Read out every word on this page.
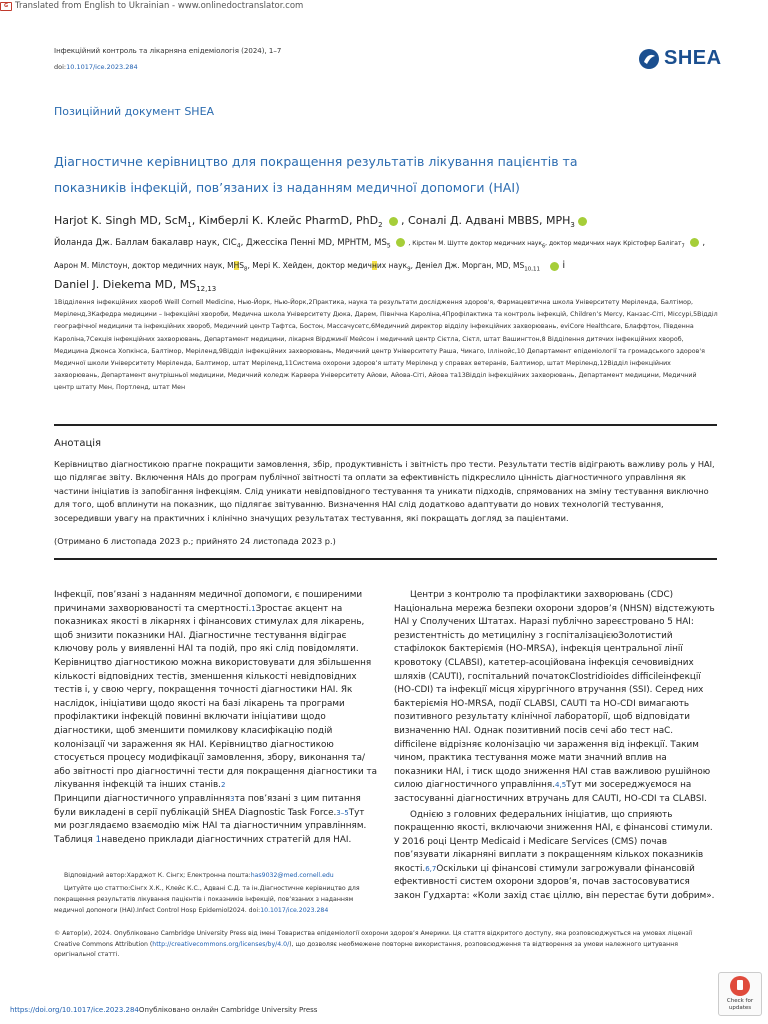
G Translated from English to Ukrainian - www.onlinedoctranslator.com
Інфекційний контроль та лікарняна епідеміологія (2024), 1–7
doi:10.1017/ice.2023.284	SHEA
Позиційний документ SHEA
Діагностичне керівництво для покращення результатів лікування пацієнтів та
показників інфекцій, пов’язаних із наданням медичної допомоги (HAI)
Harjot K. Singh MD, ScM$_1$, Кімберлі К. Клейс PharmD, PhD$_2$ , Соналі Д. Адвані MBBS, $MPH_3$
Йоланда Дж. Баллам бакалавр наук, $CIC_4$, Джессіка Пенні MD, MPHTM, $MS_5$	, Кірстен М. Шутте доктор медичних наук$_6$, доктор медичних наук Крістофер Балігат$_7$ ,
Аарон М. Мілстоун, доктор медичних наук, $МHS_8$, Мері К. Хейден, доктор медичних наук$_9$, Деніел Дж. Морган, MD, $MS_{10,11}$ і
Daniel J. Diekema MD, $MS_{12,13}$
1Відділення інфекційних хвороб Weill Cornell Medicine, Нью-Йорк, Нью-Йорк,2Практика, наука та результати дослідження здоров'я, Фармацевтична школа Університету Меріленда, Балтімор, Меріленд,3Кафедра медицини – Інфекційні хвороби, Медична школа Університету Дюка, Дарем, Північна Кароліна,4Профілактика та контроль інфекцій, Children’s Mercy, Канзас-Сіті, Міссурі,5Відділ географічної медицини та інфекційних хвороб, Медичний центр Тафтса, Бостон, Массачусетс,6Медичний директор відділу інфекційних захворювань, eviCore Healthcare, Блаффтон, Південна Кароліна,7Секція інфекційних захворювань, Департамент медицини, лікарня Вірджинії Мейсон і медичний центр Сієтла, Сієтл, штат Вашингтон,8 Відділення дитячих інфекційних хвороб, Медицина Джонса Хопкінса, Балтімор, Меріленд,9Відділ інфекційних захворювань, Медичний центр Університету Раша, Чикаго, Іллінойс,10 Департамент епідеміології та громадського здоров'я Медичної школи Університету Меріленда, Балтимор, штат Меріленд,11Система охорони здоров’я штату Меріленд у справах ветеранів, Балтимор, штат Меріленд,12Відділ інфекційних захворювань, Департамент внутрішньої медицини, Медичний коледж Карвера Університету Айови, Айова-Сіті, Айова та13Відділ інфекційних захворювань, Департамент медицини, Медичний центр штату Мен, Портленд, штат Мен
Анотація
Керівництво діагностикою прагне покращити замовлення, збір, продуктивність і звітність про тести. Результати тестів відіграють важливу роль у HAI, що підлягає звіту. Включення HAIs до програм публічної звітності та оплати за ефективність підкреслило цінність діагностичного управління як частини ініціатив із запобігання інфекціям. Слід уникати невідповідного тестування та уникати підходів, спрямованих на зміну тестування виключно для того, щоб вплинути на показник, що підлягає звітуванню. Визначення HAI слід додатково адаптувати до нових технологій тестування, зосередивши увагу на практичних і клінічно значущих результатах тестування, які покращать догляд за пацієнтами.
(Отримано 6 листопада 2023 р.; прийнято 24 листопада 2023 р.)

Інфекції, пов’язані з наданням медичної допомоги, є поширеними причинами захворюваності та смертності.1Зростає акцент на показниках якості в лікарнях і фінансових стимулах для лікарень, щоб знизити показники HAI. Діагностичне тестування відіграє ключову роль у виявленні HAI та подій, про які слід повідомляти. Керівництво діагностикою можна використовувати для збільшення кількості відповідних тестів, зменшення кількості невідповідних тестів і, у свою чергу, покращення точності діагностики HAI. Як наслідок, ініціативи щодо якості на базі лікарень та програми профілактики інфекцій повинні включати ініціативи щодо діагностики, щоб зменшити помилкову класифікацію подій колонізації чи зараження як HAI. Керівництво діагностикою стосується процесу модифікації замовлення, збору, виконання та/або звітності про діагностичні тести для покращення діагностики та лікування інфекцій та інших станів.2
Принципи діагностичного управління3та пов’язані з цим питання були викладені в серії публікацій SHEA Diagnostic Task Force.3–5Тут ми розглядаємо взаємодію між HAI та діагностичним управлінням. Таблиця 1наведено приклади діагностичних стратегій для HAI.

Центри з контролю та профілактики захворювань (CDC) Національна мережа безпеки охорони здоров’я (NHSN) відстежують HAI у Сполучених Штатах. Наразі публічно зареєстровано 5 HAI: резистентність до метициліну з госпіталізацієюЗолотистий стафілокок бактеріємія (HO-MRSA), інфекція центральної лінії кровотоку (CLABSI), катетер-асоційована інфекція сечовивідних шляхів (CAUTI), госпітальний початокClostridioides difficileінфекції (HO-CDI) та інфекції місця хірургічного втручання (SSI). Серед них бактеріємія HO-MRSA, події CLABSI, CAUTI та HO-CDI вимагають позитивного результату клінічної лабораторії, щоб відповідати визначенню HAI. Однак позитивний посів сечі або тест наC. difficileне відрізняє колонізацію чи зараження від інфекції. Таким чином, практика тестування може мати значний вплив на показники HAI, і тиск щодо зниження HAI став важливою рушійною силою діагностичного управління.4,5Тут ми зосереджуємося на застосуванні діагностичних втручань для CAUTI, HO-CDI та CLABSI.

Однією з головних федеральних ініціатив, що сприяють покращенню якості, включаючи зниження HAI, є фінансові стимули. У 2016 році Центр Medicaid і Medicare Services (CMS) почав пов’язувати лікарняні виплати з покращенням кількох показників якості.6,7Оскільки ці фінансові стимули загрожували фінансовій ефективності систем охорони здоров’я, почав застосовуватися закон Гудхарта: «Коли захід стає ціллю, він перестає бути добрим».

Відповідний автор:Харджот К. Сінгх; Електронна пошта:has9032@med.cornell.edu
Цитуйте цю статтю:Сінгх Х.К., Клейс К.С., Адвані С.Д. та ін.Діагностичне керівництво для покращення результатів лікування пацієнтів і показників інфекцій, пов’язаних з наданням медичної допомоги (HAI).Infect Control Hosp Epidemiol2024. doi:10.1017/ice.2023.284
© Автор(и), 2024. Опубліковано Cambridge University Press від імені Товариства епідеміології охорони здоров’я Америки. Ця стаття відкритого доступу, яка розповсюджується на умовах ліцензії Creative Commons Attribution (http://creativecommons.org/licenses/by/4.0/), що дозволяє необмежене повторне використання, розповсюдження та відтворення за умови належного цитування оригінальної статті.
https://doi.org/10.1017/ice.2023.284Опубліковано онлайн Cambridge University Press
Check for updates
